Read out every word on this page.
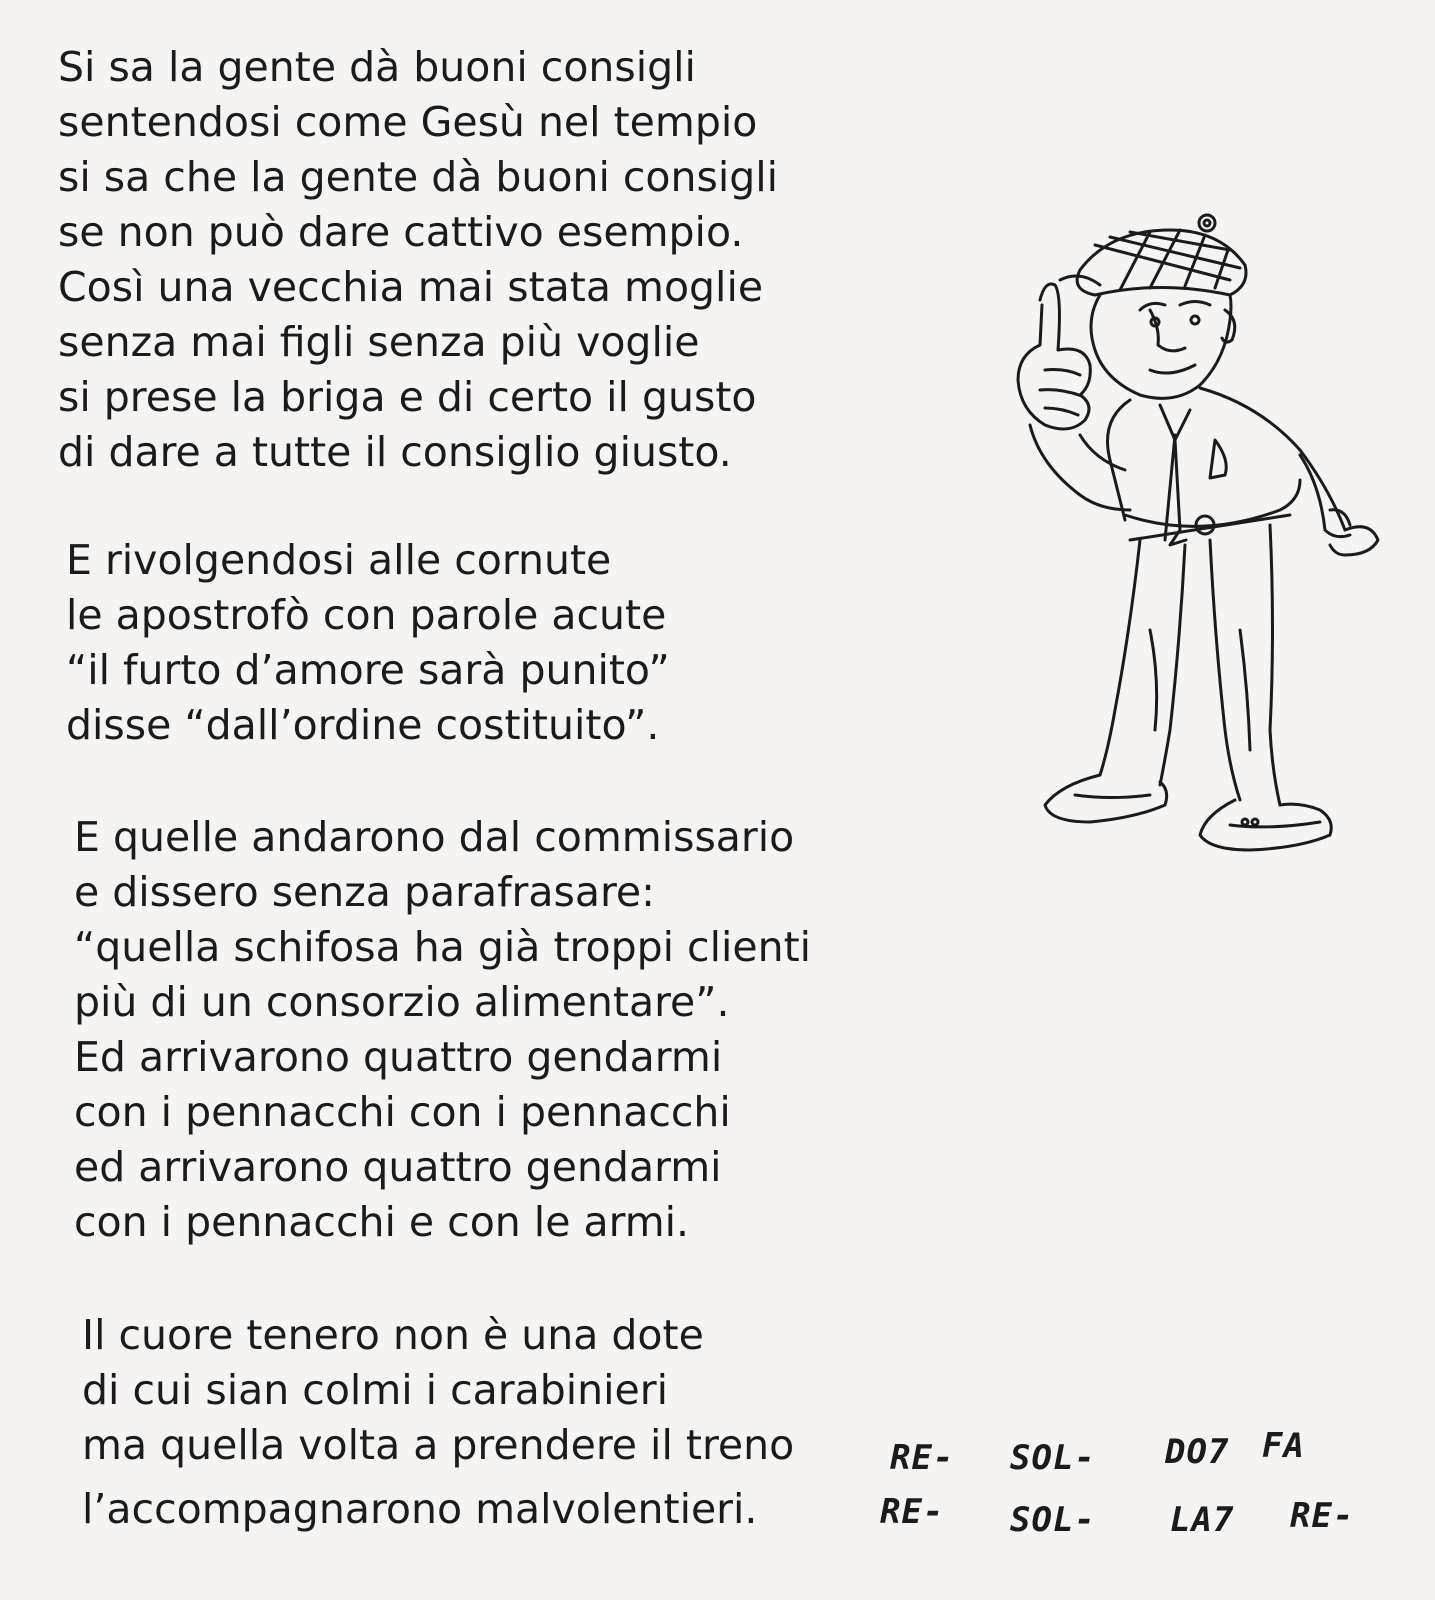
Si sa la gente dà buoni consigli
sentendosi come Gesù nel tempio
si sa che la gente dà buoni consigli
se non può dare cattivo esempio.
Così una vecchia mai stata moglie
senza mai figli senza più voglie
si prese la briga e di certo il gusto
di dare a tutte il consiglio giusto.
E rivolgendosi alle cornute
le apostrofò con parole acute
“il furto d’amore sarà punito”
disse “dall’ordine costituito”.
E quelle andarono dal commissario
e dissero senza parafrasare:
“quella schifosa ha già troppi clienti
più di un consorzio alimentare”.
Ed arrivarono quattro gendarmi
con i pennacchi con i pennacchi
ed arrivarono quattro gendarmi
con i pennacchi e con le armi.
Il cuore tenero non è una dote
di cui sian colmi i carabinieri
ma quella volta a prendere il treno	RE- SOL- DO7 FA
l’accompagnarono malvolentieri.	RE- SOL- LA7 RE-
